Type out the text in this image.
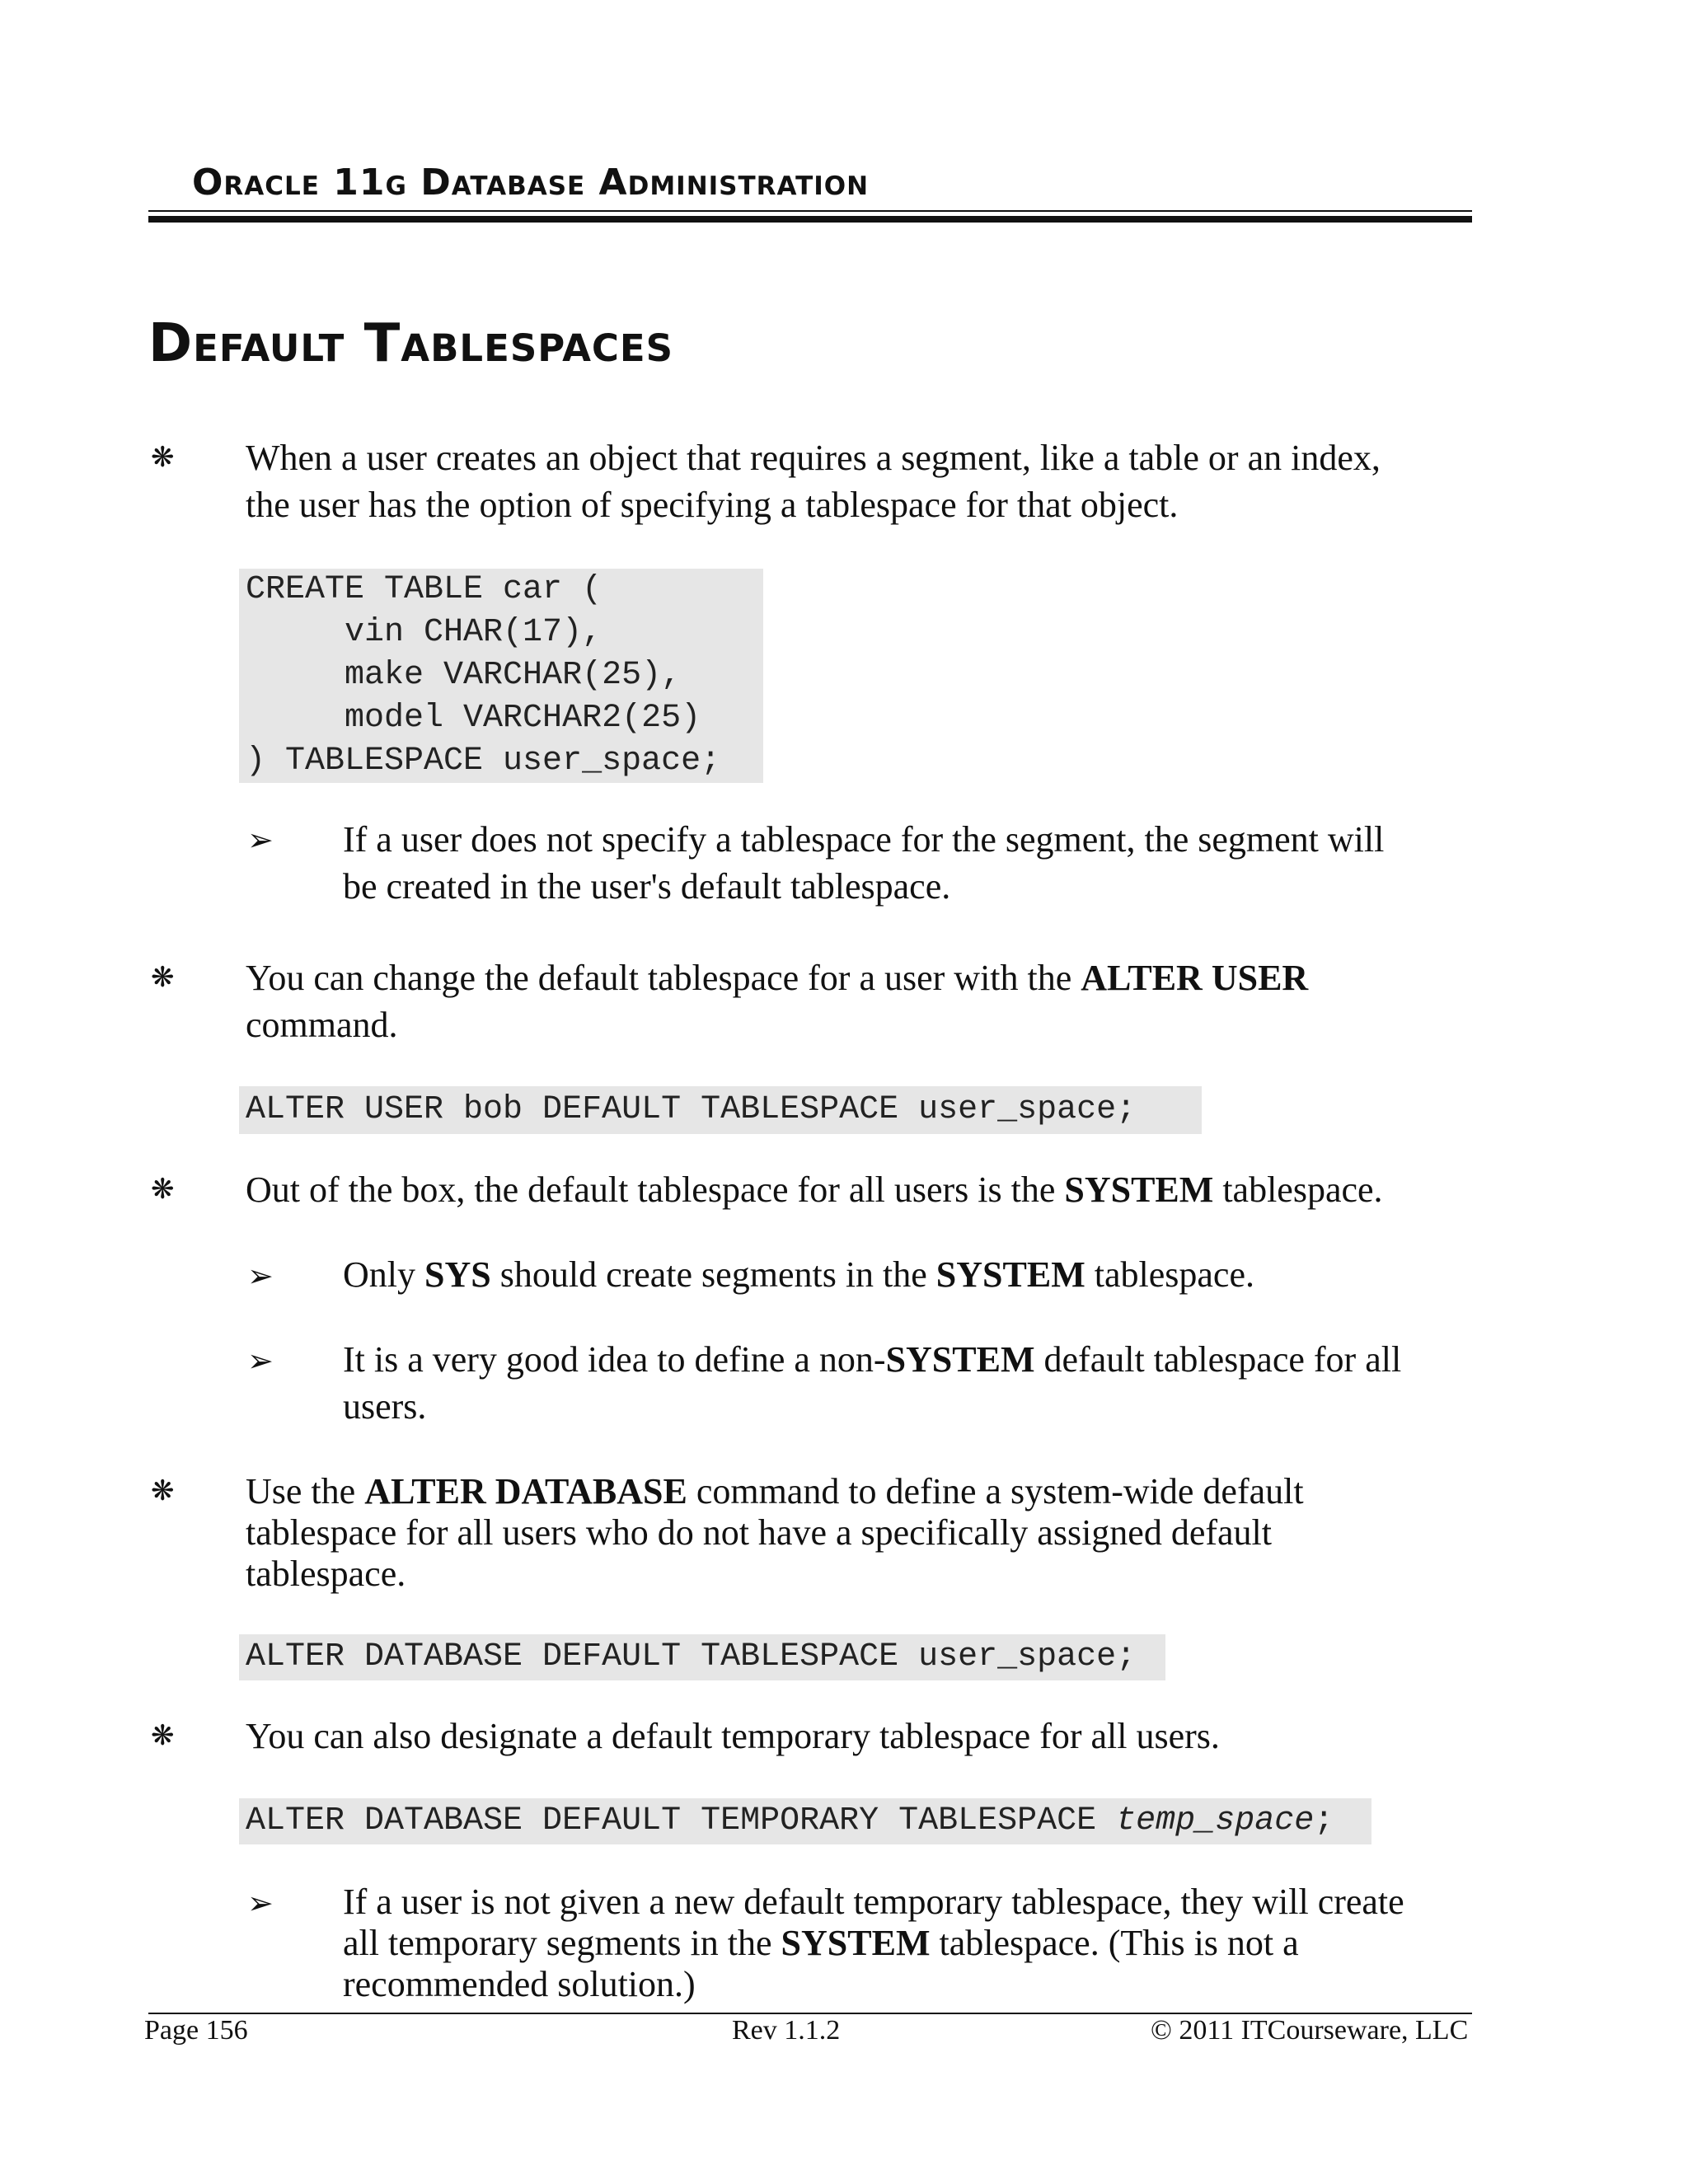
Oracle 11g Database Administration
Default Tablespaces
❋ When a user creates an object that requires a segment, like a table or an index,
the user has the option of specifying a tablespace for that object.
CREATE TABLE car (
vin CHAR(17),
make VARCHAR(25),
model VARCHAR2(25)
) TABLESPACE user_space;
➢ If a user does not specify a tablespace for the segment, the segment will
be created in the user's default tablespace.
❋ You can change the default tablespace for a user with the ALTER USER
command.
ALTER USER bob DEFAULT TABLESPACE user_space;
❋ Out of the box, the default tablespace for all users is the SYSTEM tablespace.
➢ Only SYS should create segments in the SYSTEM tablespace.
➢ It is a very good idea to define a non-SYSTEM default tablespace for all
users.
❋ Use the ALTER DATABASE command to define a system-wide default
tablespace for all users who do not have a specifically assigned default
tablespace.
ALTER DATABASE DEFAULT TABLESPACE user_space;
❋ You can also designate a default temporary tablespace for all users.
ALTER DATABASE DEFAULT TEMPORARY TABLESPACE temp_space;
➢ If a user is not given a new default temporary tablespace, they will create
all temporary segments in the SYSTEM tablespace. (This is not a
recommended solution.)
Page 156	Rev 1.1.2	© 2011 ITCourseware, LLC
